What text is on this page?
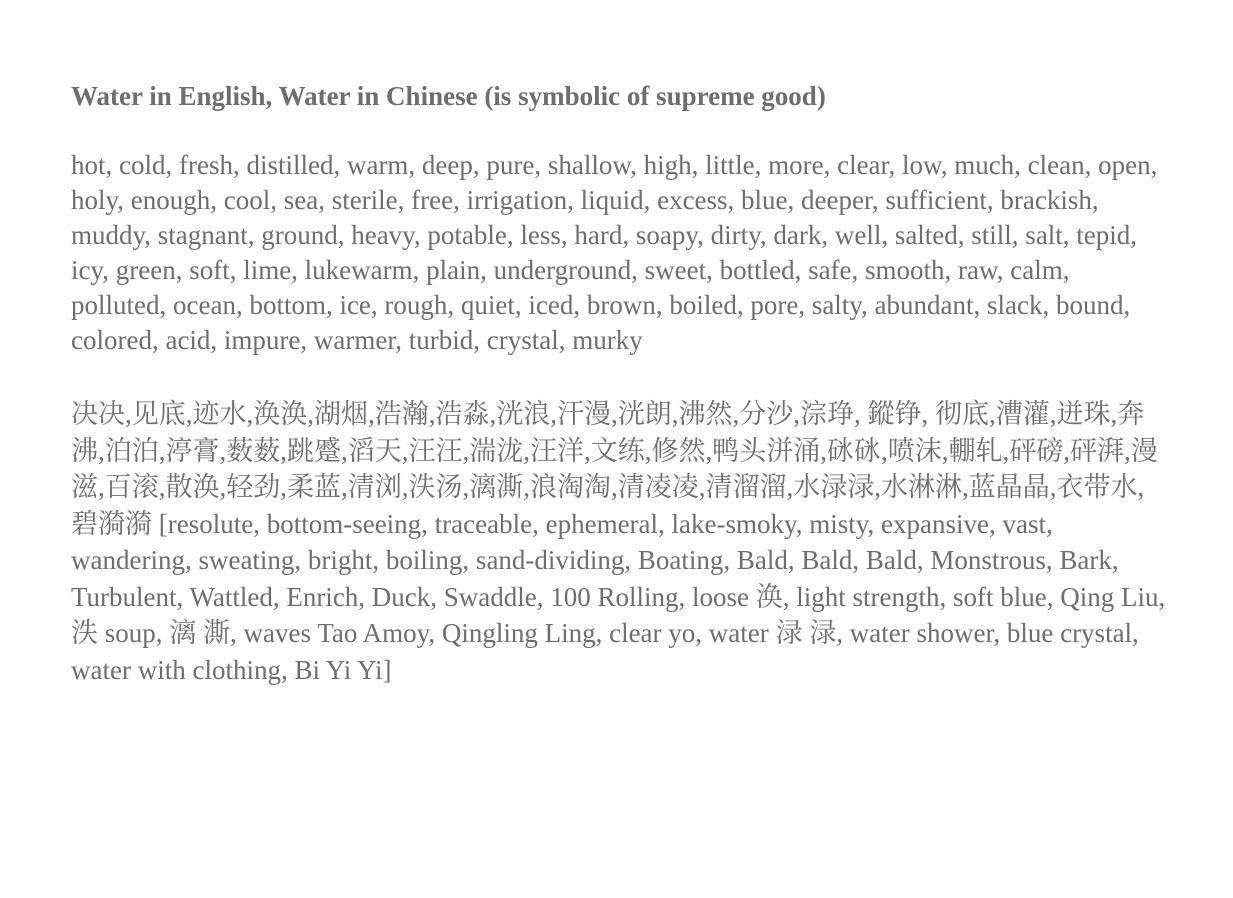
Water in English, Water in Chinese (is symbolic of supreme good)

hot, cold, fresh, distilled, warm, deep, pure, shallow, high, little, more, clear, low, much, clean, open, holy, enough, cool, sea, sterile, free, irrigation, liquid, excess, blue, deeper, sufficient, brackish, muddy, stagnant, ground, heavy, potable, less, hard, soapy, dirty, dark, well, salted, still, salt, tepid, icy, green, soft, lime, lukewarm, plain, underground, sweet, bottled, safe, smooth, raw, calm, polluted, ocean, bottom, ice, rough, quiet, iced, brown, boiled, pore, salty, abundant, slack, bound, colored, acid, impure, warmer, turbid, crystal, murky

决决,见底,迹水,涣涣,湖烟,浩瀚,浩淼,洸浪,汗漫,洸朗,沸然,分沙,淙琤, 鏦铮, 彻底,漕灌,迸珠,奔沸,泊泊,渟膏,薮薮,跳蹙,滔天,汪汪,湍泷,汪洋,文练,修然,鸭头洴涌,砯砯,喷沫,輣轧,砰磅,砰湃,漫滋,百滚,散涣,轻劲,柔蓝,清浏,泆汤,漓澌,浪淘淘,清凌凌,清溜溜,水渌渌,水淋淋,蓝晶晶,衣带水,碧漪漪 [resolute, bottom-seeing, traceable, ephemeral, lake-smoky, misty, expansive, vast, wandering, sweating, bright, boiling, sand-dividing, Boating, Bald, Bald, Bald, Monstrous, Bark, Turbulent, Wattled, Enrich, Duck, Swaddle, 100 Rolling, loose 涣, light strength, soft blue, Qing Liu, 泆 soup, 漓 澌, waves Tao Amoy, Qingling Ling, clear yo, water 渌 渌, water shower, blue crystal, water with clothing, Bi Yi Yi]
